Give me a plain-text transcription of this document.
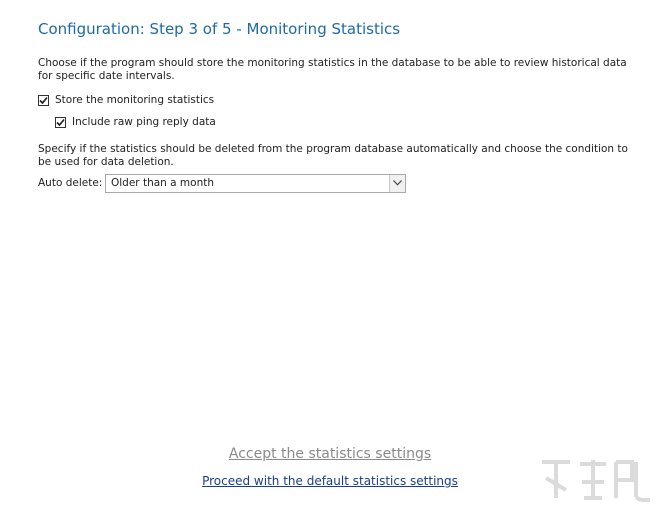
Configuration: Step 3 of 5 - Monitoring Statistics
Choose if the program should store the monitoring statistics in the database to be able to review historical data for specific date intervals.
Store the monitoring statistics
Include raw ping reply data
Specify if the statistics should be deleted from the program database automatically and choose the condition to be used for data deletion.
Auto delete: Older than a month
Accept the statistics settings
Proceed with the default statistics settings
